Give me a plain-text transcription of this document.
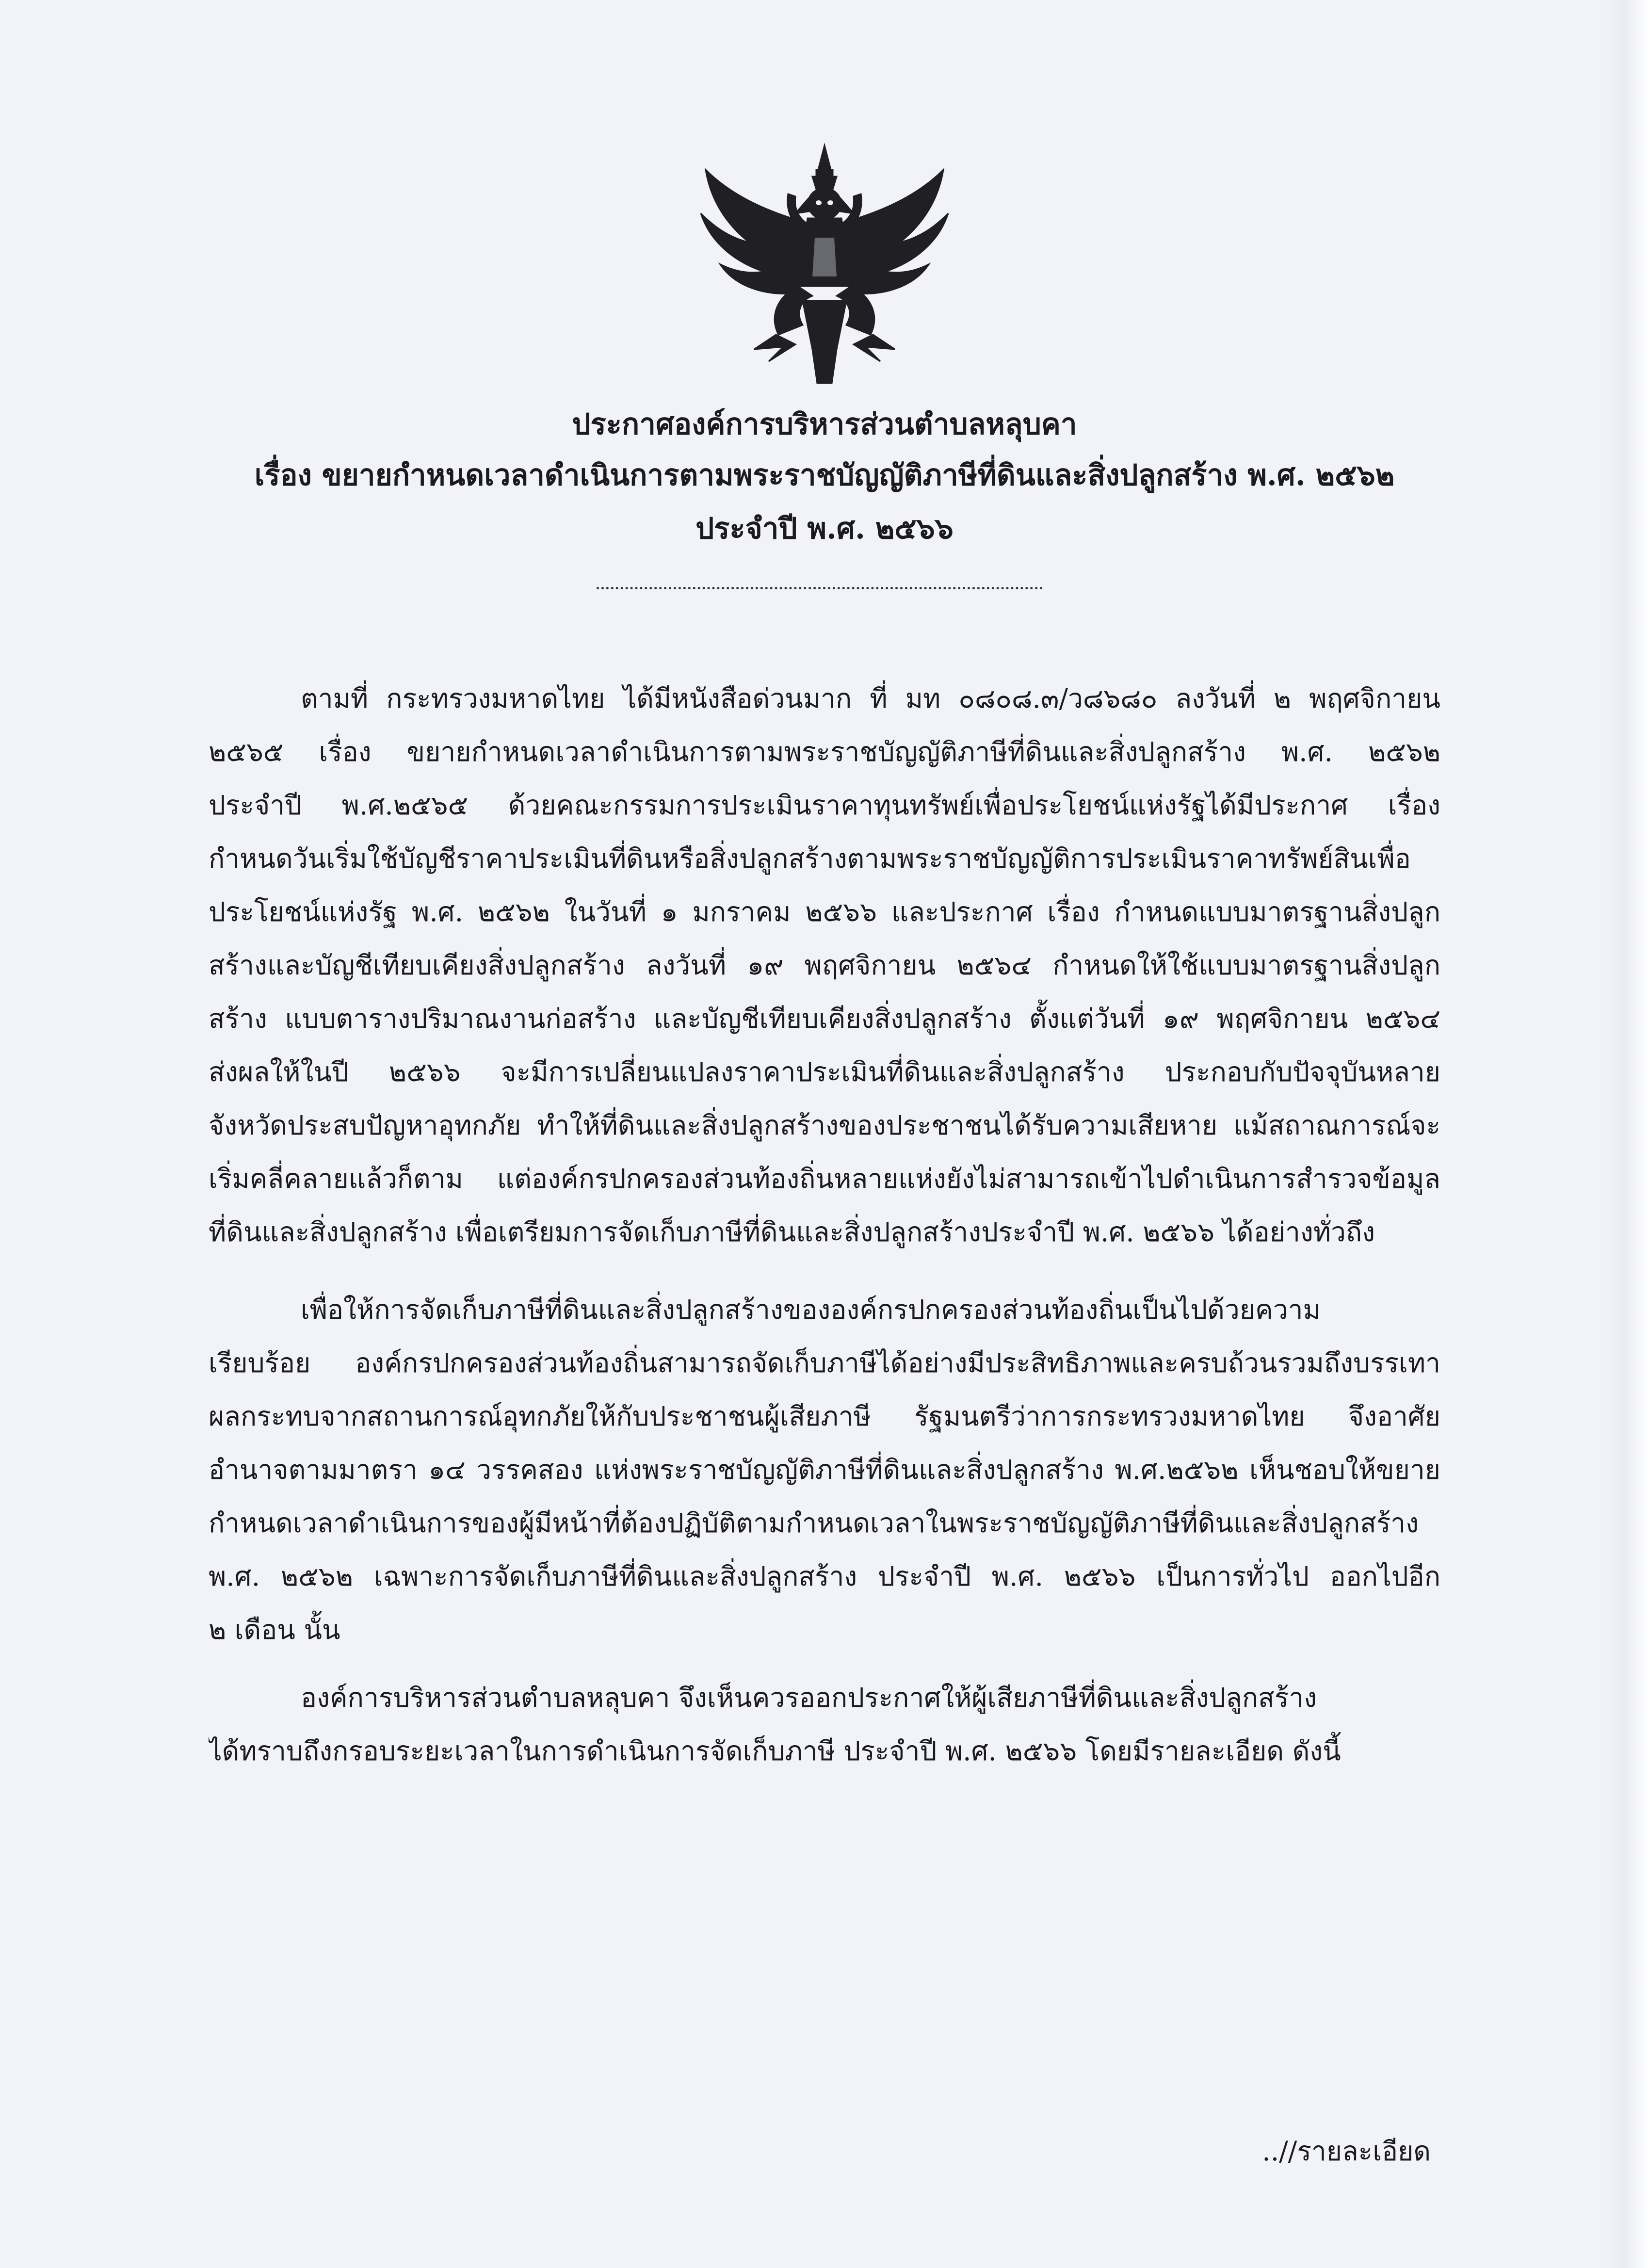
ประกาศองค์การบริหารส่วนตำบลหลุบคา
เรื่อง ขยายกำหนดเวลาดำเนินการตามพระราชบัญญัติภาษีที่ดินและสิ่งปลูกสร้าง พ.ศ. ๒๕๖๒
ประจำปี พ.ศ. ๒๕๖๖
ตามที่ กระทรวงมหาดไทย ได้มีหนังสือด่วนมาก ที่ มท ๐๘๐๘.๓/ว๘๖๘๐ ลงวันที่ ๒ พฤศจิกายน
๒๕๖๕ เรื่อง ขยายกำหนดเวลาดำเนินการตามพระราชบัญญัติภาษีที่ดินและสิ่งปลูกสร้าง พ.ศ. ๒๕๖๒
ประจำปี พ.ศ.๒๕๖๕ ด้วยคณะกรรมการประเมินราคาทุนทรัพย์เพื่อประโยชน์แห่งรัฐได้มีประกาศ เรื่อง
กำหนดวันเริ่มใช้บัญชีราคาประเมินที่ดินหรือสิ่งปลูกสร้างตามพระราชบัญญัติการประเมินราคาทรัพย์สินเพื่อ
ประโยชน์แห่งรัฐ พ.ศ. ๒๕๖๒ ในวันที่ ๑ มกราคม ๒๕๖๖ และประกาศ เรื่อง กำหนดแบบมาตรฐานสิ่งปลูก
สร้างและบัญชีเทียบเคียงสิ่งปลูกสร้าง ลงวันที่ ๑๙ พฤศจิกายน ๒๕๖๔ กำหนดให้ใช้แบบมาตรฐานสิ่งปลูก
สร้าง แบบตารางปริมาณงานก่อสร้าง และบัญชีเทียบเคียงสิ่งปลูกสร้าง ตั้งแต่วันที่ ๑๙ พฤศจิกายน ๒๕๖๔
ส่งผลให้ในปี ๒๕๖๖ จะมีการเปลี่ยนแปลงราคาประเมินที่ดินและสิ่งปลูกสร้าง ประกอบกับปัจจุบันหลาย
จังหวัดประสบปัญหาอุทกภัย ทำให้ที่ดินและสิ่งปลูกสร้างของประชาชนได้รับความเสียหาย แม้สถาณการณ์จะ
เริ่มคลี่คลายแล้วก็ตาม แต่องค์กรปกครองส่วนท้องถิ่นหลายแห่งยังไม่สามารถเข้าไปดำเนินการสำรวจข้อมูล
ที่ดินและสิ่งปลูกสร้าง เพื่อเตรียมการจัดเก็บภาษีที่ดินและสิ่งปลูกสร้างประจำปี พ.ศ. ๒๕๖๖ ได้อย่างทั่วถึง
เพื่อให้การจัดเก็บภาษีที่ดินและสิ่งปลูกสร้างขององค์กรปกครองส่วนท้องถิ่นเป็นไปด้วยความ
เรียบร้อย องค์กรปกครองส่วนท้องถิ่นสามารถจัดเก็บภาษีได้อย่างมีประสิทธิภาพและครบถ้วนรวมถึงบรรเทา
ผลกระทบจากสถานการณ์อุทกภัยให้กับประชาชนผู้เสียภาษี รัฐมนตรีว่าการกระทรวงมหาดไทย จึงอาศัย
อำนาจตามมาตรา ๑๔ วรรคสอง แห่งพระราชบัญญัติภาษีที่ดินและสิ่งปลูกสร้าง พ.ศ.๒๕๖๒ เห็นชอบให้ขยาย
กำหนดเวลาดำเนินการของผู้มีหน้าที่ต้องปฏิบัติตามกำหนดเวลาในพระราชบัญญัติภาษีที่ดินและสิ่งปลูกสร้าง
พ.ศ. ๒๕๖๒ เฉพาะการจัดเก็บภาษีที่ดินและสิ่งปลูกสร้าง ประจำปี พ.ศ. ๒๕๖๖ เป็นการทั่วไป ออกไปอีก
๒ เดือน นั้น
องค์การบริหารส่วนตำบลหลุบคา จึงเห็นควรออกประกาศให้ผู้เสียภาษีที่ดินและสิ่งปลูกสร้าง
ได้ทราบถึงกรอบระยะเวลาในการดำเนินการจัดเก็บภาษี ประจำปี พ.ศ. ๒๕๖๖ โดยมีรายละเอียด ดังนี้
..//รายละเอียด
